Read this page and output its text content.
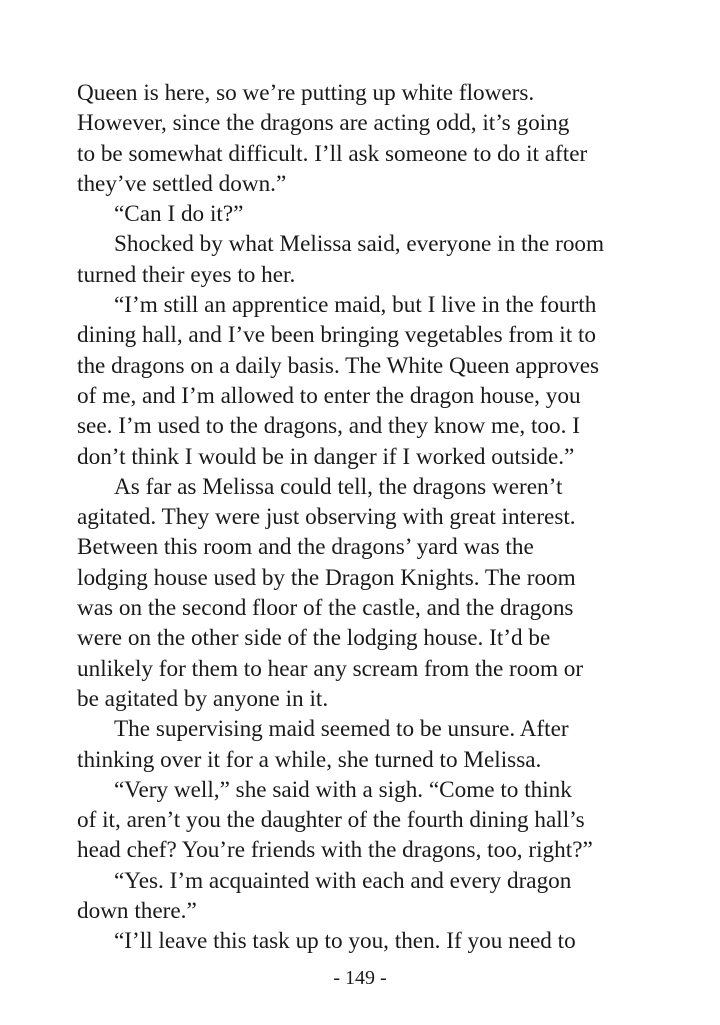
Queen is here, so we’re putting up white flowers.
However, since the dragons are acting odd, it’s going
to be somewhat difficult. I’ll ask someone to do it after
they’ve settled down.”
“Can I do it?”
Shocked by what Melissa said, everyone in the room
turned their eyes to her.
“I’m still an apprentice maid, but I live in the fourth
dining hall, and I’ve been bringing vegetables from it to
the dragons on a daily basis. The White Queen approves
of me, and I’m allowed to enter the dragon house, you
see. I’m used to the dragons, and they know me, too. I
don’t think I would be in danger if I worked outside.”
As far as Melissa could tell, the dragons weren’t
agitated. They were just observing with great interest.
Between this room and the dragons’ yard was the
lodging house used by the Dragon Knights. The room
was on the second floor of the castle, and the dragons
were on the other side of the lodging house. It’d be
unlikely for them to hear any scream from the room or
be agitated by anyone in it.
The supervising maid seemed to be unsure. After
thinking over it for a while, she turned to Melissa.
“Very well,” she said with a sigh. “Come to think
of it, aren’t you the daughter of the fourth dining hall’s
head chef? You’re friends with the dragons, too, right?”
“Yes. I’m acquainted with each and every dragon
down there.”
“I’ll leave this task up to you, then. If you need to
- 149 -
